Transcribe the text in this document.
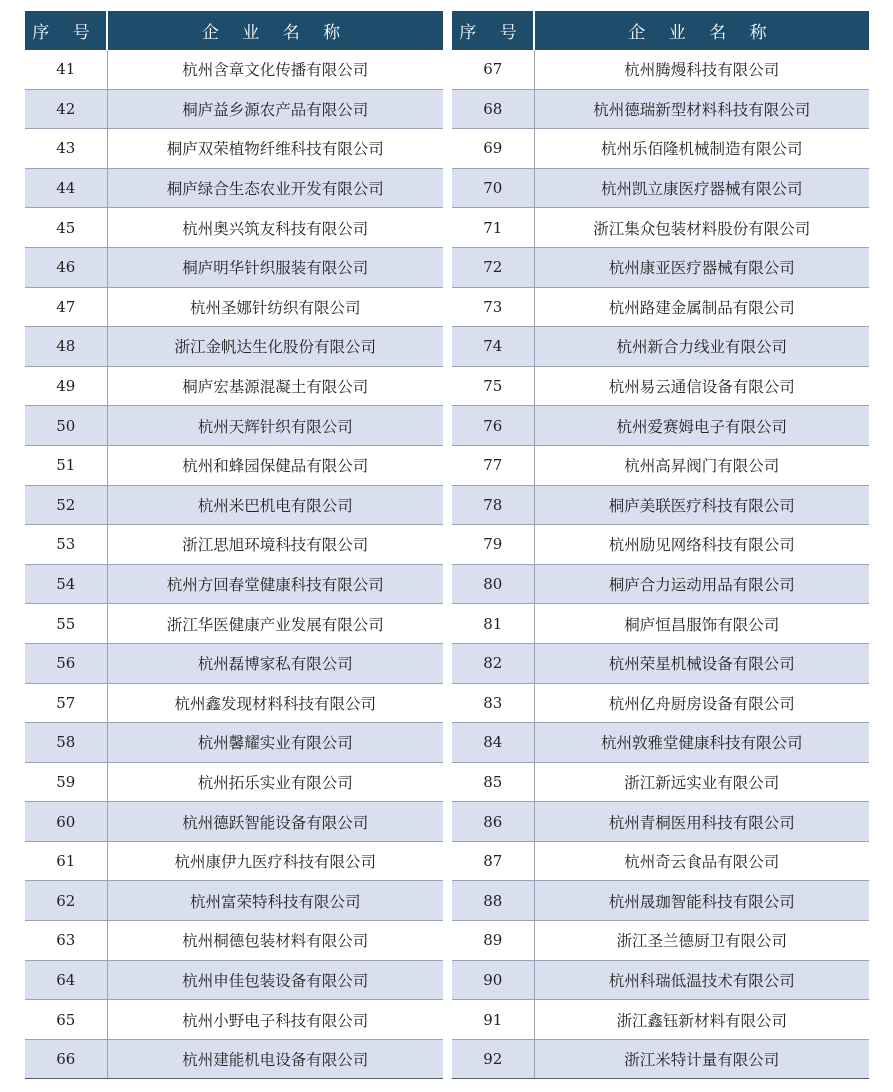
序 号	企 业 名 称
41	杭州含章文化传播有限公司
42	桐庐益乡源农产品有限公司
43	桐庐双荣植物纤维科技有限公司
44	桐庐绿合生态农业开发有限公司
45	杭州奥兴筑友科技有限公司
46	桐庐明华针织服装有限公司
47	杭州圣娜针纺织有限公司
48	浙江金帆达生化股份有限公司
49	桐庐宏基源混凝土有限公司
50	杭州天辉针织有限公司
51	杭州和蜂园保健品有限公司
52	杭州米巴机电有限公司
53	浙江思旭环境科技有限公司
54	杭州方回春堂健康科技有限公司
55	浙江华医健康产业发展有限公司
56	杭州磊博家私有限公司
57	杭州鑫发现材料科技有限公司
58	杭州馨耀实业有限公司
59	杭州拓乐实业有限公司
60	杭州德跃智能设备有限公司
61	杭州康伊九医疗科技有限公司
62	杭州富荣特科技有限公司
63	杭州桐德包装材料有限公司
64	杭州申佳包装设备有限公司
65	杭州小野电子科技有限公司
66	杭州建能机电设备有限公司
序 号	企 业 名 称
67	杭州腾熳科技有限公司
68	杭州德瑞新型材料科技有限公司
69	杭州乐佰隆机械制造有限公司
70	杭州凯立康医疗器械有限公司
71	浙江集众包装材料股份有限公司
72	杭州康亚医疗器械有限公司
73	杭州路建金属制品有限公司
74	杭州新合力线业有限公司
75	杭州易云通信设备有限公司
76	杭州爱赛姆电子有限公司
77	杭州高昇阀门有限公司
78	桐庐美联医疗科技有限公司
79	杭州励见网络科技有限公司
80	桐庐合力运动用品有限公司
81	桐庐恒昌服饰有限公司
82	杭州荣星机械设备有限公司
83	杭州亿舟厨房设备有限公司
84	杭州敦雅堂健康科技有限公司
85	浙江新远实业有限公司
86	杭州青桐医用科技有限公司
87	杭州奇云食品有限公司
88	杭州晟珈智能科技有限公司
89	浙江圣兰德厨卫有限公司
90	杭州科瑞低温技术有限公司
91	浙江鑫钰新材料有限公司
92	浙江米特计量有限公司
